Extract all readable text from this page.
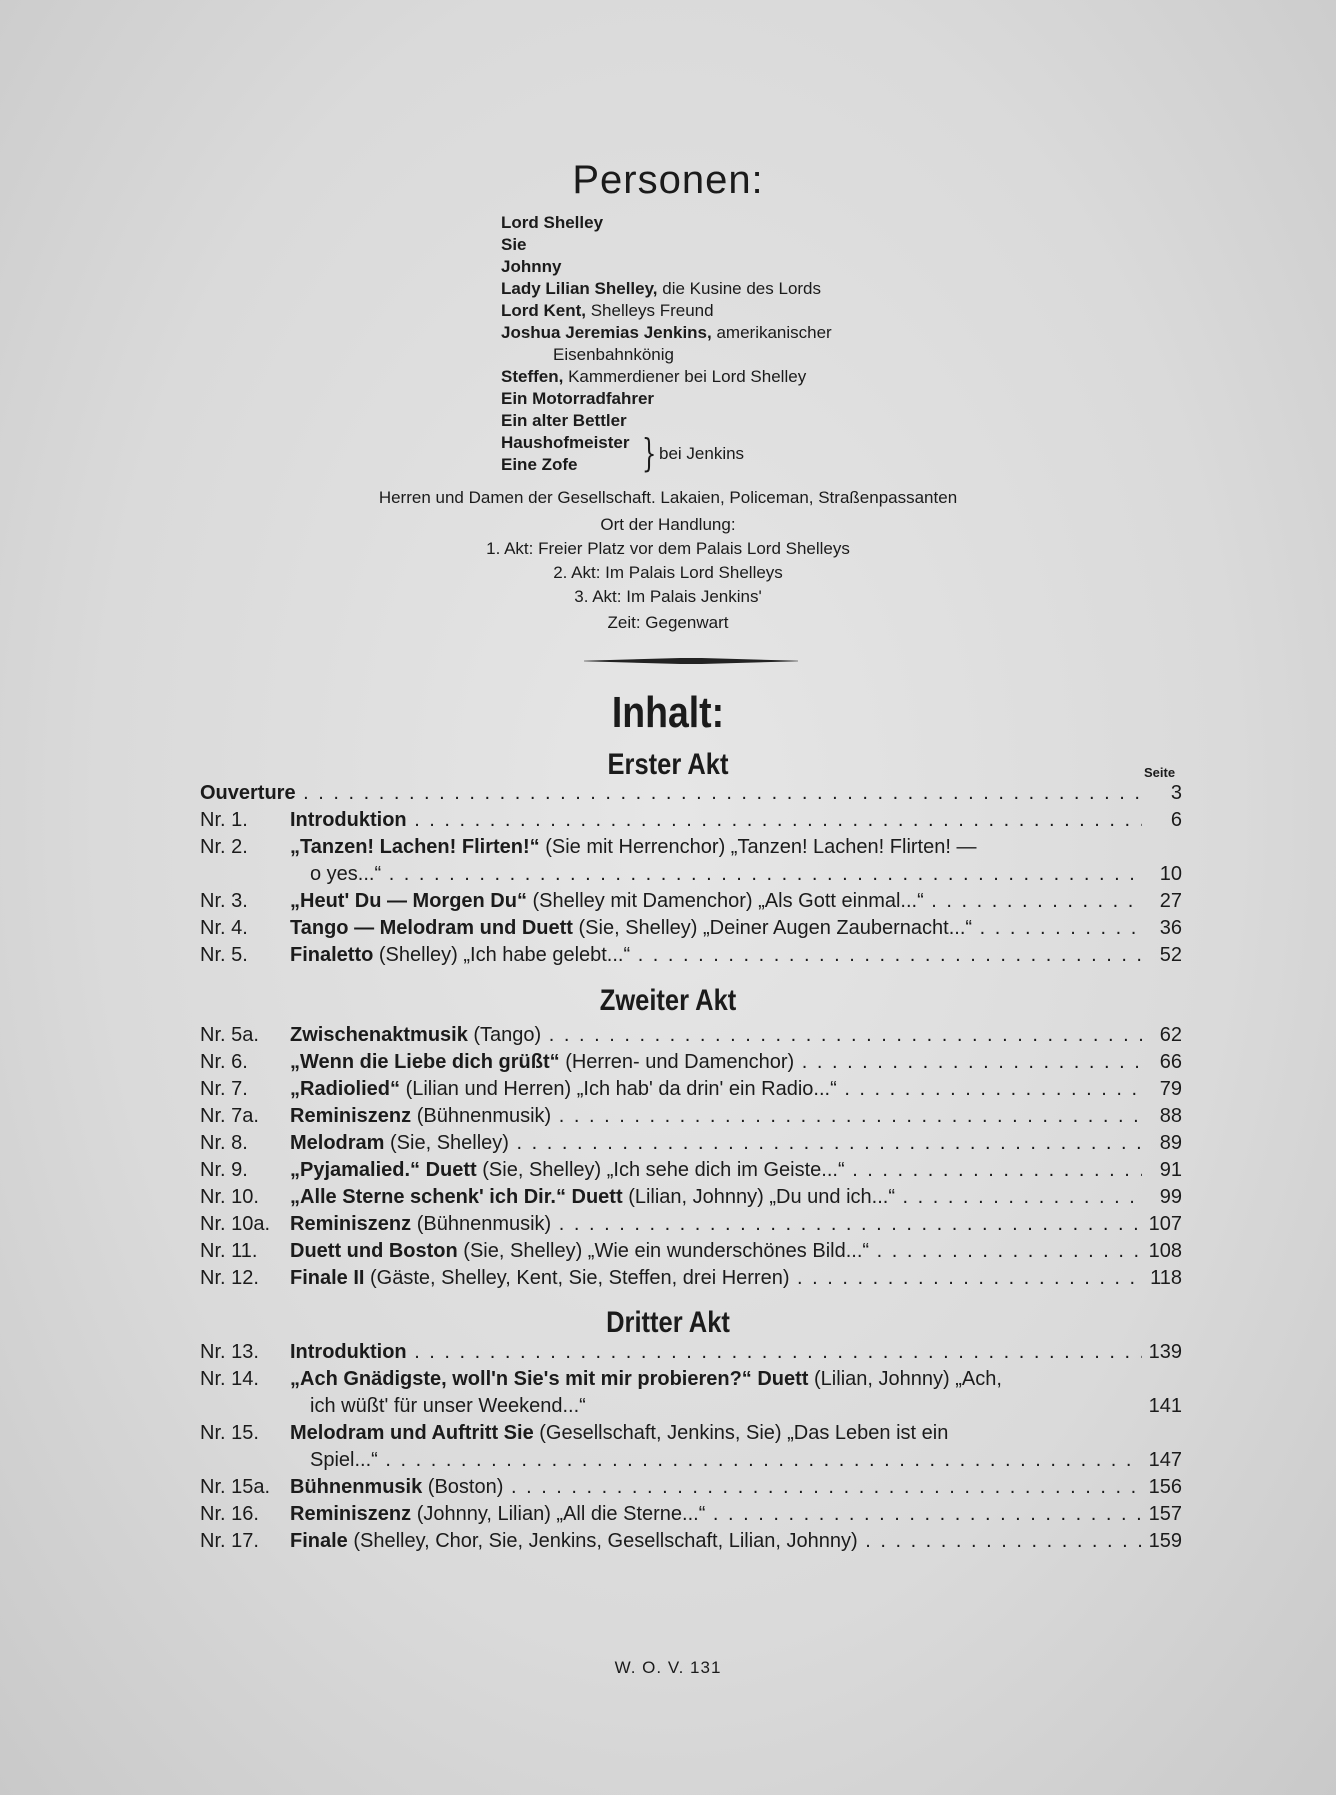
Personen:
Lord Shelley
Sie
Johnny
Lady Lilian Shelley, die Kusine des Lords
Lord Kent, Shelleys Freund
Joshua Jeremias Jenkins, amerikanischer
Eisenbahnkönig
Steffen, Kammerdiener bei Lord Shelley
Ein Motorradfahrer
Ein alter Bettler
Haushofmeister
Eine Zofe	} bei Jenkins
Herren und Damen der Gesellschaft. Lakaien, Policeman, Straßenpassanten
Ort der Handlung:
1. Akt: Freier Platz vor dem Palais Lord Shelleys
2. Akt: Im Palais Lord Shelleys
3. Akt: Im Palais Jenkins'
Zeit: Gegenwart
Inhalt:
Erster Akt	Seite
Ouverture . . .	3
Nr. 1.	Introduktion . . .	6
Nr. 2.	„Tanzen! Lachen! Flirten!“ (Sie mit Herrenchor) „Tanzen! Lachen! Flirten! —
o yes...“ . . .	10
Nr. 3.	„Heut' Du — Morgen Du“ (Shelley mit Damenchor) „Als Gott einmal...“ . . .	27
Nr. 4.	Tango — Melodram und Duett (Sie, Shelley) „Deiner Augen Zaubernacht...“ . . .	36
Nr. 5.	Finaletto (Shelley) „Ich habe gelebt...“ . . .	52
Zweiter Akt
Nr. 5a.	Zwischenaktmusik (Tango) . . .	62
Nr. 6.	„Wenn die Liebe dich grüßt“ (Herren- und Damenchor) . . .	66
Nr. 7.	„Radiolied“ (Lilian und Herren) „Ich hab' da drin' ein Radio...“ . . .	79
Nr. 7a.	Reminiszenz (Bühnenmusik) . . .	88
Nr. 8.	Melodram (Sie, Shelley) . . .	89
Nr. 9.	„Pyjamalied.“ Duett (Sie, Shelley) „Ich sehe dich im Geiste...“ . . .	91
Nr. 10.	„Alle Sterne schenk' ich Dir.“ Duett (Lilian, Johnny) „Du und ich...“ . . .	99
Nr. 10a. Reminiszenz (Bühnenmusik) . . .	107
Nr. 11.	Duett und Boston (Sie, Shelley) „Wie ein wunderschönes Bild...“ . . .	108
Nr. 12.	Finale II (Gäste, Shelley, Kent, Sie, Steffen, drei Herren) . . .	118
Dritter Akt
Nr. 13.	Introduktion . . .	139
Nr. 14.	„Ach Gnädigste, woll'n Sie's mit mir probieren?“ Duett (Lilian, Johnny) „Ach,
ich wüßt' für unser Weekend...“	141
Nr. 15.	Melodram und Auftritt Sie (Gesellschaft, Jenkins, Sie) „Das Leben ist ein
Spiel...“ . . .	147
Nr. 15a. Bühnenmusik (Boston) . . .	156
Nr. 16.	Reminiszenz (Johnny, Lilian) „All die Sterne...“ . . .	157
Nr. 17.	Finale (Shelley, Chor, Sie, Jenkins, Gesellschaft, Lilian, Johnny) . . .	159
W. O. V. 131
